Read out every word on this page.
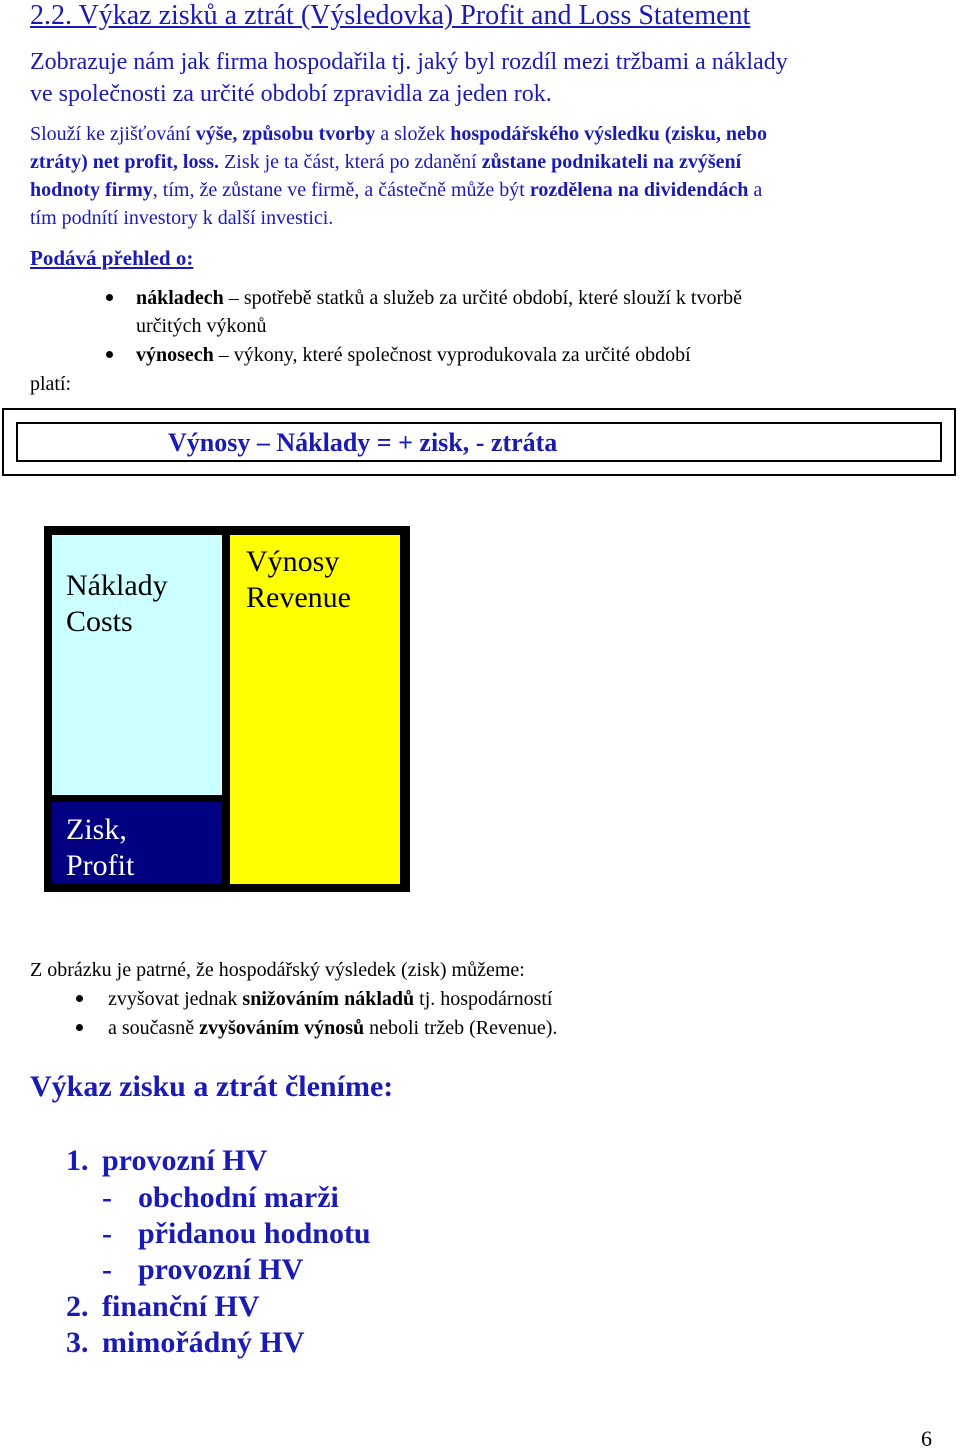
2.2. Výkaz zisků a ztrát (Výsledovka) Profit and Loss Statement
Zobrazuje nám jak firma hospodařila tj. jaký byl rozdíl mezi tržbami a náklady
ve společnosti za určité období zpravidla za jeden rok.
Slouží ke zjišťování výše, způsobu tvorby a složek hospodářského výsledku (zisku, nebo
ztráty) net profit, loss. Zisk je ta část, která po zdanění zůstane podnikateli na zvýšení
hodnoty firmy, tím, že zůstane ve firmě, a částečně může být rozdělena na dividendách a
tím podnítí investory k další investici.
Podává přehled o:
nákladech – spotřebě statků a služeb za určité období, které slouží k tvorbě
určitých výkonů
výnosech – výkony, které společnost vyprodukovala za určité období
platí:
Výnosy – Náklady = + zisk, - ztráta
Náklady
Costs
Výnosy
Revenue
Zisk,
Profit
Z obrázku je patrné, že hospodářský výsledek (zisk) můžeme:
zvyšovat jednak snižováním nákladů tj. hospodárností
a současně zvyšováním výnosů neboli tržeb (Revenue).
Výkaz zisku a ztrát členíme:
1. provozní HV
- obchodní marži
- přidanou hodnotu
- provozní HV
2. finanční HV
3. mimořádný HV
6
